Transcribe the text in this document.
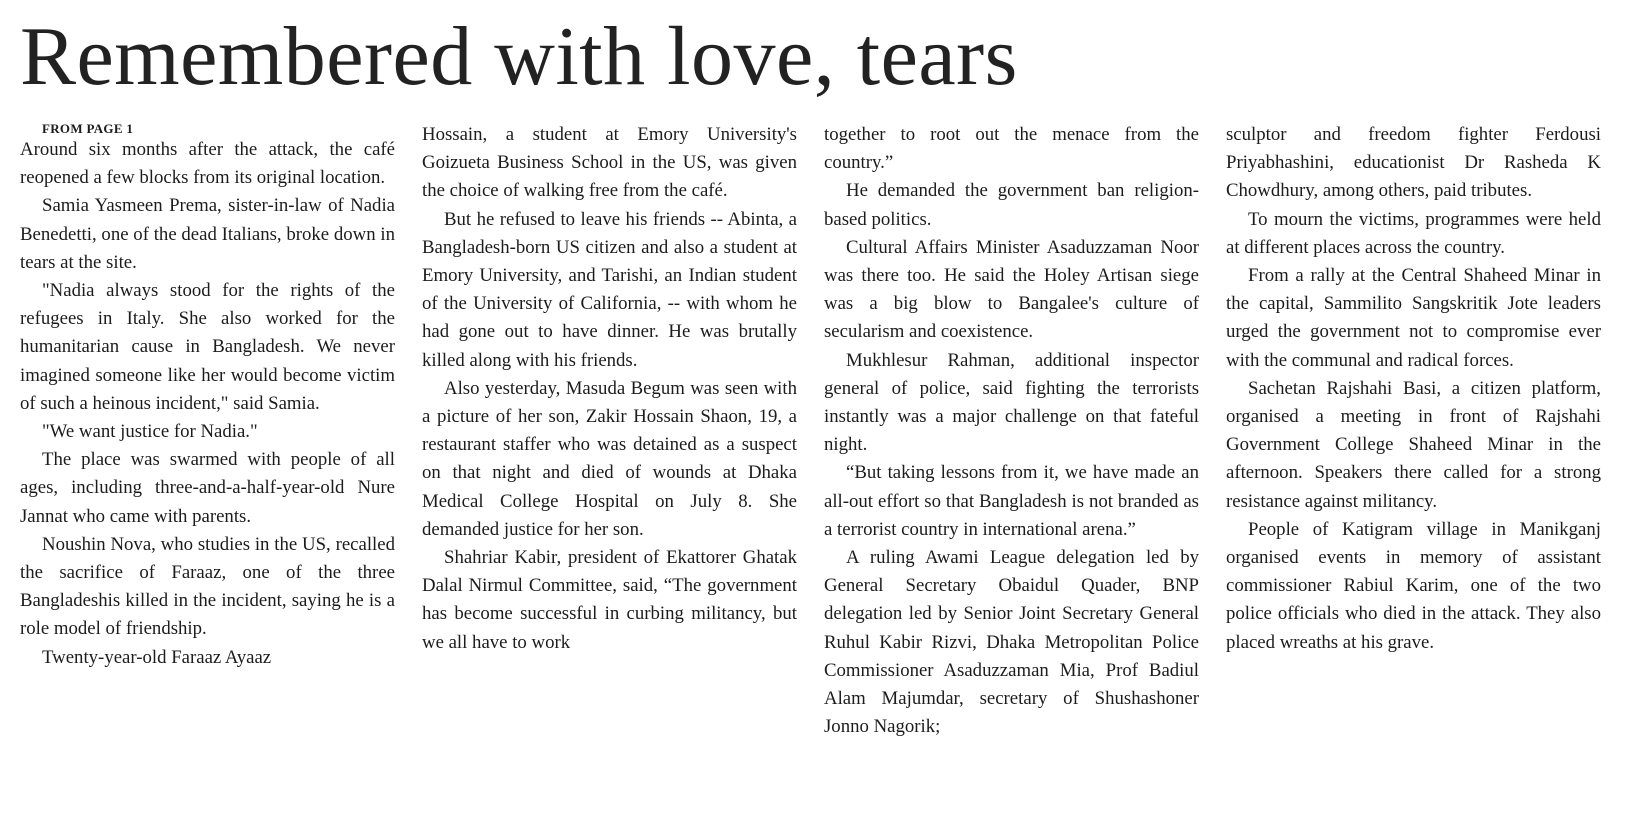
Remembered with love, tears

FROM PAGE 1

Around six months after the attack, the café reopened a few blocks from its original location.

Samia Yasmeen Prema, sister-in-law of Nadia Benedetti, one of the dead Italians, broke down in tears at the site.

"Nadia always stood for the rights of the refugees in Italy. She also worked for the humanitarian cause in Bangladesh. We never imagined someone like her would become victim of such a heinous incident," said Samia.

"We want justice for Nadia."

The place was swarmed with people of all ages, including three-and-a-half-year-old Nure Jannat who came with parents.

Noushin Nova, who studies in the US, recalled the sacrifice of Faraaz, one of the three Bangladeshis killed in the incident, saying he is a role model of friendship.

Twenty-year-old Faraaz Ayaaz

Hossain, a student at Emory University's Goizueta Business School in the US, was given the choice of walking free from the café.

But he refused to leave his friends -- Abinta, a Bangladesh-born US citizen and also a student at Emory University, and Tarishi, an Indian student of the University of California, -- with whom he had gone out to have dinner. He was brutally killed along with his friends.

Also yesterday, Masuda Begum was seen with a picture of her son, Zakir Hossain Shaon, 19, a restaurant staffer who was detained as a suspect on that night and died of wounds at Dhaka Medical College Hospital on July 8. She demanded justice for her son.

Shahriar Kabir, president of Ekattorer Ghatak Dalal Nirmul Committee, said, “The government has become successful in curbing militancy, but we all have to work

together to root out the menace from the country.”

He demanded the government ban religion-based politics.

Cultural Affairs Minister Asaduzzaman Noor was there too. He said the Holey Artisan siege was a big blow to Bangalee's culture of secularism and coexistence.

Mukhlesur Rahman, additional inspector general of police, said fighting the terrorists instantly was a major challenge on that fateful night.

“But taking lessons from it, we have made an all-out effort so that Bangladesh is not branded as a terrorist country in international arena.”

A ruling Awami League delegation led by General Secretary Obaidul Quader, BNP delegation led by Senior Joint Secretary General Ruhul Kabir Rizvi, Dhaka Metropolitan Police Commissioner Asaduzzaman Mia, Prof Badiul Alam Majumdar, secretary of Shushashoner Jonno Nagorik;

sculptor and freedom fighter Ferdousi Priyabhashini, educationist Dr Rasheda K Chowdhury, among others, paid tributes.

To mourn the victims, programmes were held at different places across the country.

From a rally at the Central Shaheed Minar in the capital, Sammilito Sangskritik Jote leaders urged the government not to compromise ever with the communal and radical forces.

Sachetan Rajshahi Basi, a citizen platform, organised a meeting in front of Rajshahi Government College Shaheed Minar in the afternoon. Speakers there called for a strong resistance against militancy.

People of Katigram village in Manikganj organised events in memory of assistant commissioner Rabiul Karim, one of the two police officials who died in the attack. They also placed wreaths at his grave.
